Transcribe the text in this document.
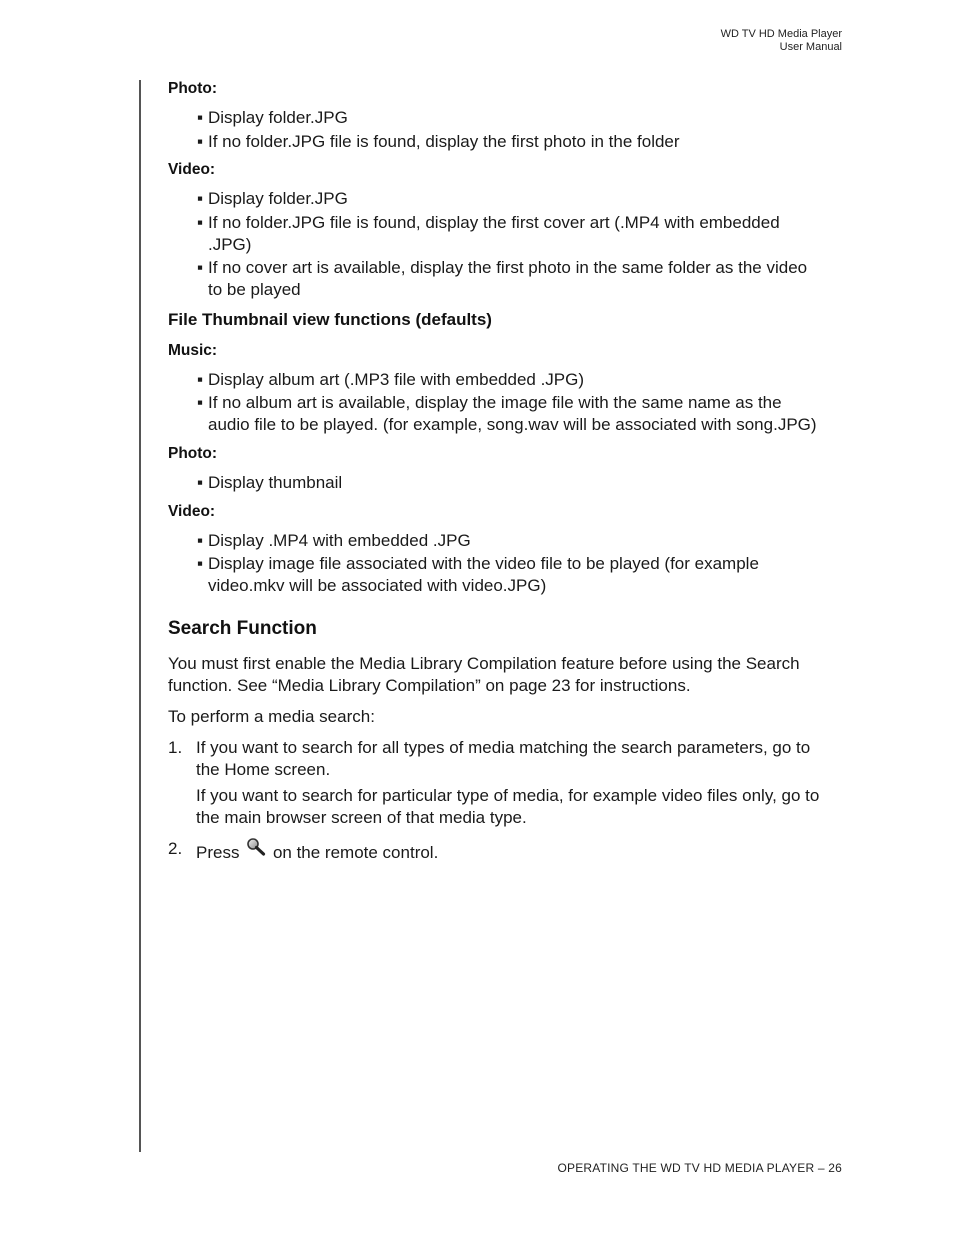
WD TV HD Media Player
User Manual
Photo:
▪ Display folder.JPG
▪ If no folder.JPG file is found, display the first photo in the folder
Video:
▪ Display folder.JPG
▪ If no folder.JPG file is found, display the first cover art (.MP4 with embedded
.JPG)
▪ If no cover art is available, display the first photo in the same folder as the video
to be played
File Thumbnail view functions (defaults)
Music:
▪ Display album art (.MP3 file with embedded .JPG)
▪ If no album art is available, display the image file with the same name as the
audio file to be played. (for example, song.wav will be associated with song.JPG)
Photo:
▪ Display thumbnail
Video:
▪ Display .MP4 with embedded .JPG
▪ Display image file associated with the video file to be played (for example
video.mkv will be associated with video.JPG)
Search Function
You must first enable the Media Library Compilation feature before using the Search
function. See “Media Library Compilation” on page 23 for instructions.
To perform a media search:
1. If you want to search for all types of media matching the search parameters, go to
the Home screen.
If you want to search for particular type of media, for example video files only, go to
the main browser screen of that media type.
2. Press on the remote control.
OPERATING THE WD TV HD MEDIA PLAYER – 26
